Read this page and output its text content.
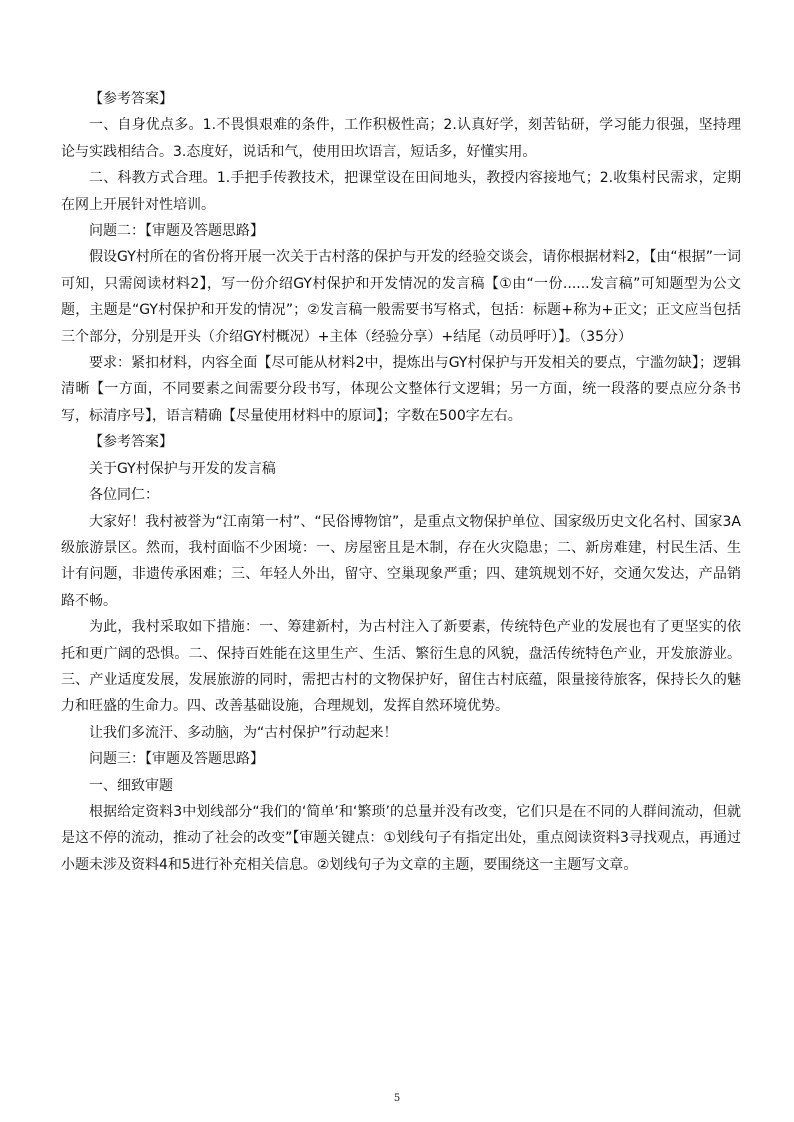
【参考答案】

一、自身优点多。1.不畏惧艰难的条件，工作积极性高；2.认真好学，刻苦钻研，学习能力很强，坚持理论与实践相结合。3.态度好，说话和气，使用田坎语言，短话多，好懂实用。

二、科教方式合理。1.手把手传教技术，把课堂设在田间地头，教授内容接地气；2.收集村民需求，定期在网上开展针对性培训。

问题二：【审题及答题思路】

假设GY村所在的省份将开展一次关于古村落的保护与开发的经验交谈会，请你根据材料2，【由“根据”一词可知，只需阅读材料2】，写一份介绍GY村保护和开发情况的发言稿【①由“一份......发言稿”可知题型为公文题，主题是“GY村保护和开发的情况”；②发言稿一般需要书写格式，包括：标题+称为+正文；正文应当包括三个部分，分别是开头（介绍GY村概况）+主体（经验分享）+结尾（动员呼吁）】。（35分）

要求：紧扣材料，内容全面【尽可能从材料2中，提炼出与GY村保护与开发相关的要点，宁滥勿缺】；逻辑清晰【一方面，不同要素之间需要分段书写，体现公文整体行文逻辑；另一方面，统一段落的要点应分条书写，标清序号】，语言精确【尽量使用材料中的原词】；字数在500字左右。

【参考答案】

关于GY村保护与开发的发言稿

各位同仁：

大家好！我村被誉为“江南第一村”、“民俗博物馆”，是重点文物保护单位、国家级历史文化名村、国家3A级旅游景区。然而，我村面临不少困境：一、房屋密且是木制，存在火灾隐患；二、新房难建，村民生活、生计有问题，非遗传承困难；三、年轻人外出，留守、空巢现象严重；四、建筑规划不好，交通欠发达，产品销路不畅。

为此，我村采取如下措施：一、筹建新村，为古村注入了新要素，传统特色产业的发展也有了更坚实的依托和更广阔的恐惧。二、保持百姓能在这里生产、生活、繁衍生息的风貌，盘活传统特色产业，开发旅游业。三、产业适度发展，发展旅游的同时，需把古村的文物保护好，留住古村底蕴，限量接待旅客，保持长久的魅力和旺盛的生命力。四、改善基础设施，合理规划，发挥自然环境优势。

让我们多流汗、多动脑，为“古村保护”行动起来！

问题三：【审题及答题思路】

一、细致审题

根据给定资料3中划线部分“我们的‘简单’和‘繁琐’的总量并没有改变，它们只是在不同的人群间流动，但就是这不停的流动，推动了社会的改变”【审题关键点：①划线句子有指定出处，重点阅读资料3寻找观点，再通过小题未涉及资料4和5进行补充相关信息。②划线句子为文章的主题，要围绕这一主题写文章。

5
